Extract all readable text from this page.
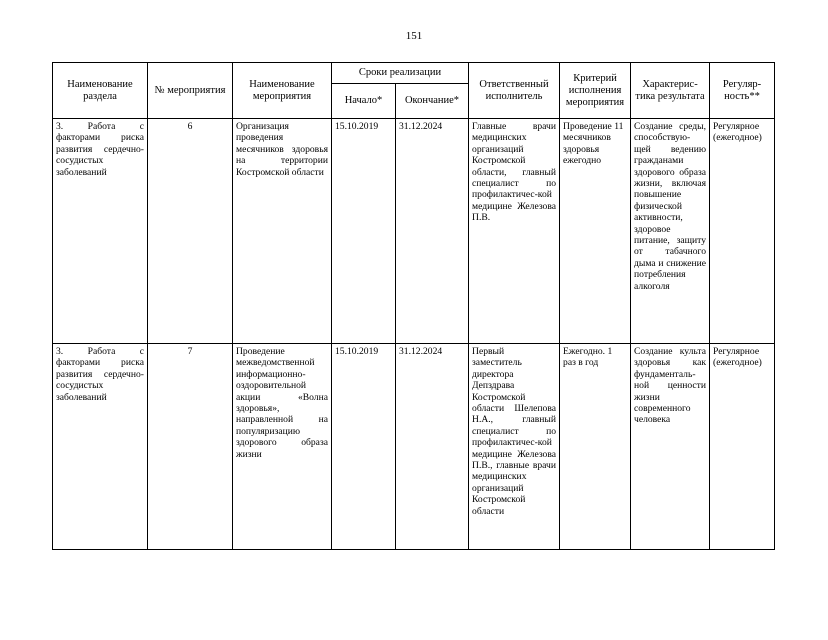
151
Наименование раздела	№ мероприятия	Наименование мероприятия	Сроки реализации		Ответственный исполнитель	Критерий исполнения мероприятия	Характерис-тика результата	Регуляр-ность**
			Начало*	Окончание*				
3. Работа с факторами риска развития сердечно-сосудистых заболеваний	6	Организация проведения месячников здоровья на территории Костромской области	15.10.2019	31.12.2024	Главные врачи медицинских организаций Костромской области, главный специалист по профилактичес-кой медицине Железова П.В.	Проведение 11 месячников здоровья ежегодно	Создание среды, способствую-щей ведению гражданами здорового образа жизни, включая повышение физической активности, здоровое питание, защиту от табачного дыма и снижение потребления алкоголя	Регулярное (ежегодное)
3. Работа с факторами риска развития сердечно-сосудистых заболеваний	7	Проведение межведомственной информационно-оздоровительной акции «Волна здоровья», направленной на популяризацию здорового образа жизни	15.10.2019	31.12.2024	Первый заместитель директора Депздрава Костромской области Шелепова Н.А., главный специалист по профилактичес-кой медицине Железова П.В., главные врачи медицинских организаций Костромской области	Ежегодно. 1 раз в год	Создание культа здоровья как фундаменталь-ной ценности жизни современного человека	Регулярное (ежегодное)
